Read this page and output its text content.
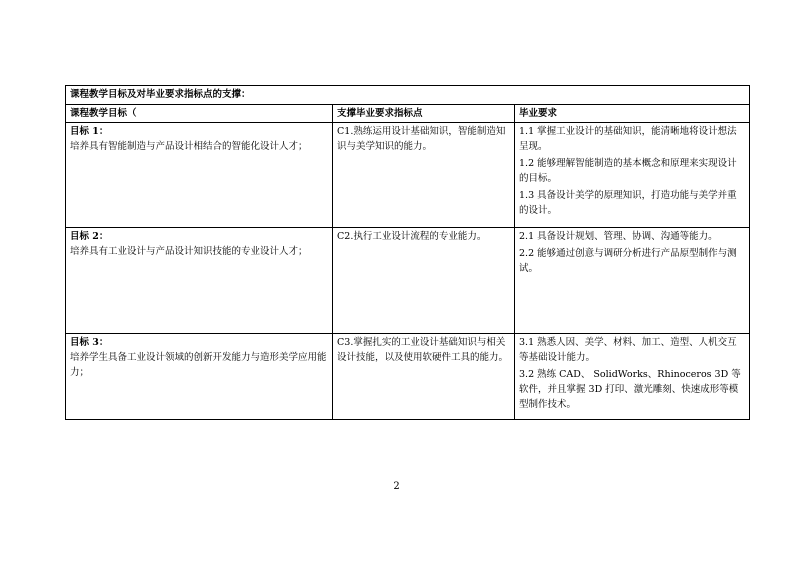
课程教学目标及对毕业要求指标点的支撑：		
课程教学目标（	支撑毕业要求指标点	毕业要求

目标 1：
培养具有智能制造与产品设计相结合的智能化设计人才；	C1.熟练运用设计基础知识，智能制造知识与美学知识的能力。	1.1 掌握工业设计的基础知识，能清晰地将设计想法呈现。
1.2 能够理解智能制造的基本概念和原理来实现设计的目标。
1.3 具备设计美学的原理知识，打造功能与美学并重的设计。

目标 2：
培养具有工业设计与产品设计知识技能的专业设计人才；	C2.执行工业设计流程的专业能力。	2.1 具备设计规划、管理、协调、沟通等能力。
2.2 能够通过创意与调研分析进行产品原型制作与测试。

目标 3：
培养学生具备工业设计领域的创新开发能力与造形美学应用能力；	C3.掌握扎实的工业设计基础知识与相关设计技能，以及使用软硬件工具的能力。	3.1 熟悉人因、美学、材料、加工、造型、人机交互等基础设计能力。
3.2 熟练 CAD、 SolidWorks、Rhinoceros 3D 等软件，并且掌握 3D 打印、激光雕刻、快速成形等模型制作技术。
2
